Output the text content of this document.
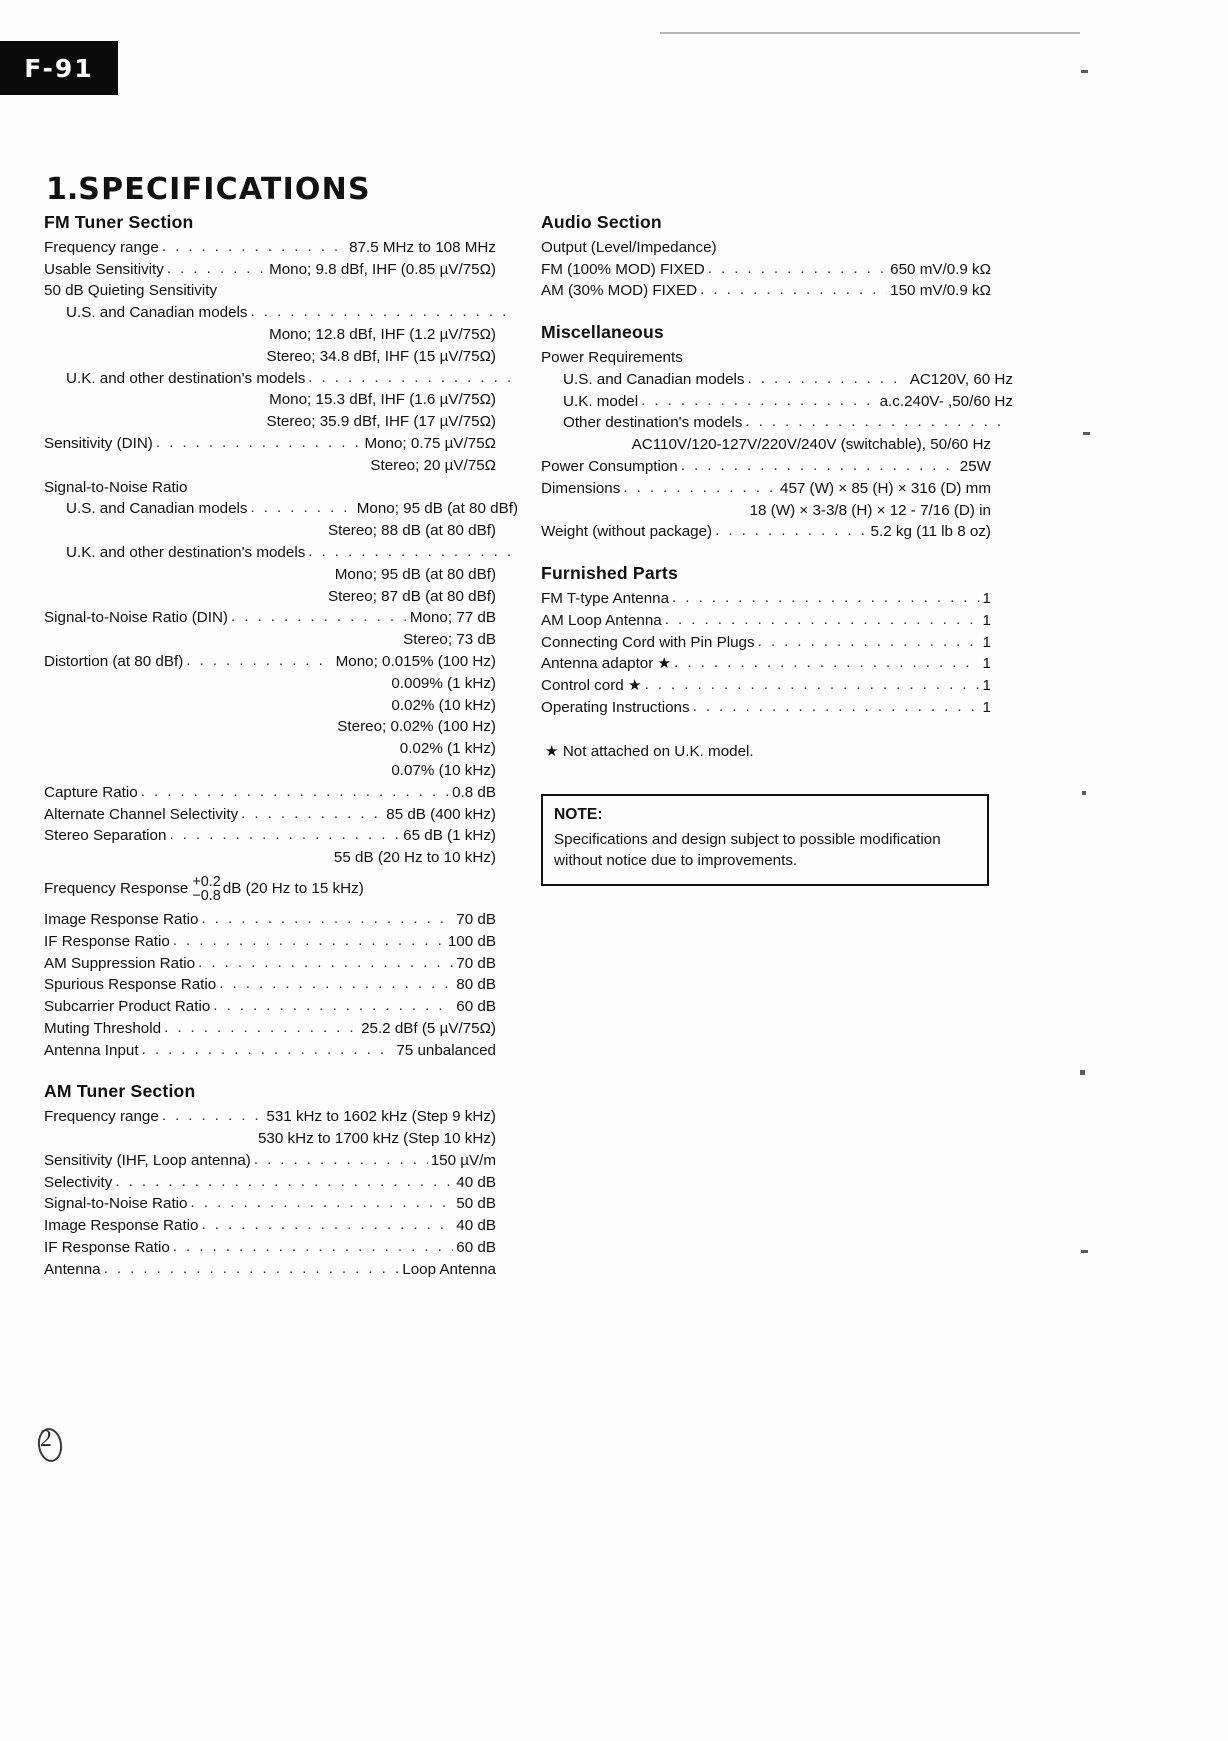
F-91
1.SPECIFICATIONS
FM Tuner Section
Frequency range . . .	87.5 MHz to 108 MHz
Usable Sensitivity . . .	Mono; 9.8 dBf, IHF (0.85 µV/75Ω)
50 dB Quieting Sensitivity
U.S. and Canadian models
. . .
Mono; 12.8 dBf, IHF (1.2 µV/75Ω)
Stereo; 34.8 dBf, IHF (15 µV/75Ω)
U.K. and other destination's models
. . .
Mono; 15.3 dBf, IHF (1.6 µV/75Ω)
Stereo; 35.9 dBf, IHF (17 µV/75Ω)
Sensitivity (DIN) . . .	Mono; 0.75 µV/75Ω
Stereo; 20 µV/75Ω
Signal-to-Noise Ratio
U.S. and Canadian models . . .	Mono; 95 dB (at 80 dBf)
Stereo; 88 dB (at 80 dBf)
U.K. and other destination's models
. . .
Mono; 95 dB (at 80 dBf)
Stereo; 87 dB (at 80 dBf)
Signal-to-Noise Ratio (DIN) . . .	Mono; 77 dB
Stereo; 73 dB
Distortion (at 80 dBf) . . .	Mono; 0.015% (100 Hz)
0.009% (1 kHz)
0.02% (10 kHz)
Stereo; 0.02% (100 Hz)
0.02% (1 kHz)
0.07% (10 kHz)
Capture Ratio . . .	0.8 dB
Alternate Channel Selectivity . . .	85 dB (400 kHz)
Stereo Separation . . .	65 dB (1 kHz)
55 dB (20 Hz to 10 kHz)
Frequency Response +0.2
−0.8 dB (20 Hz to 15 kHz)
Image Response Ratio . . .	70 dB
IF Response Ratio . . .	100 dB
AM Suppression Ratio . . .	70 dB
Spurious Response Ratio . . .	80 dB
Subcarrier Product Ratio . . .	60 dB
Muting Threshold . . .	25.2 dBf (5 µV/75Ω)
Antenna Input . . .	75 unbalanced
AM Tuner Section
Frequency range . . .	531 kHz to 1602 kHz (Step 9 kHz)
530 kHz to 1700 kHz (Step 10 kHz)
Sensitivity (IHF, Loop antenna) . . .	150 µV/m
Selectivity . . .	40 dB
Signal-to-Noise Ratio . . .	50 dB
Image Response Ratio . . .	40 dB
IF Response Ratio . . .	60 dB
Antenna . . .	Loop Antenna
Audio Section
Output (Level/Impedance)
FM (100% MOD) FIXED . . .	650 mV/0.9 kΩ
AM (30% MOD) FIXED . . .	150 mV/0.9 kΩ
Miscellaneous
Power Requirements
U.S. and Canadian models . . .	AC120V, 60 Hz
U.K. model . . .	a.c.240V- ,50/60 Hz
Other destination's models
. . .
AC110V/120-127V/220V/240V (switchable), 50/60 Hz
Power Consumption . . .	25W
Dimensions . . .	457 (W) × 85 (H) × 316 (D) mm
18 (W) × 3-3/8 (H) × 12 - 7/16 (D) in
Weight (without package) . . .	5.2 kg (11 lb 8 oz)
Furnished Parts
FM T-type Antenna . . .	1
AM Loop Antenna . . .	1
Connecting Cord with Pin Plugs . . .	1
Antenna adaptor ★ . . .	1
Control cord ★ . . .	1
Operating Instructions . . .	1
★ Not attached on U.K. model.
NOTE:
Specifications and design subject to possible modification without notice due to improvements.
2
